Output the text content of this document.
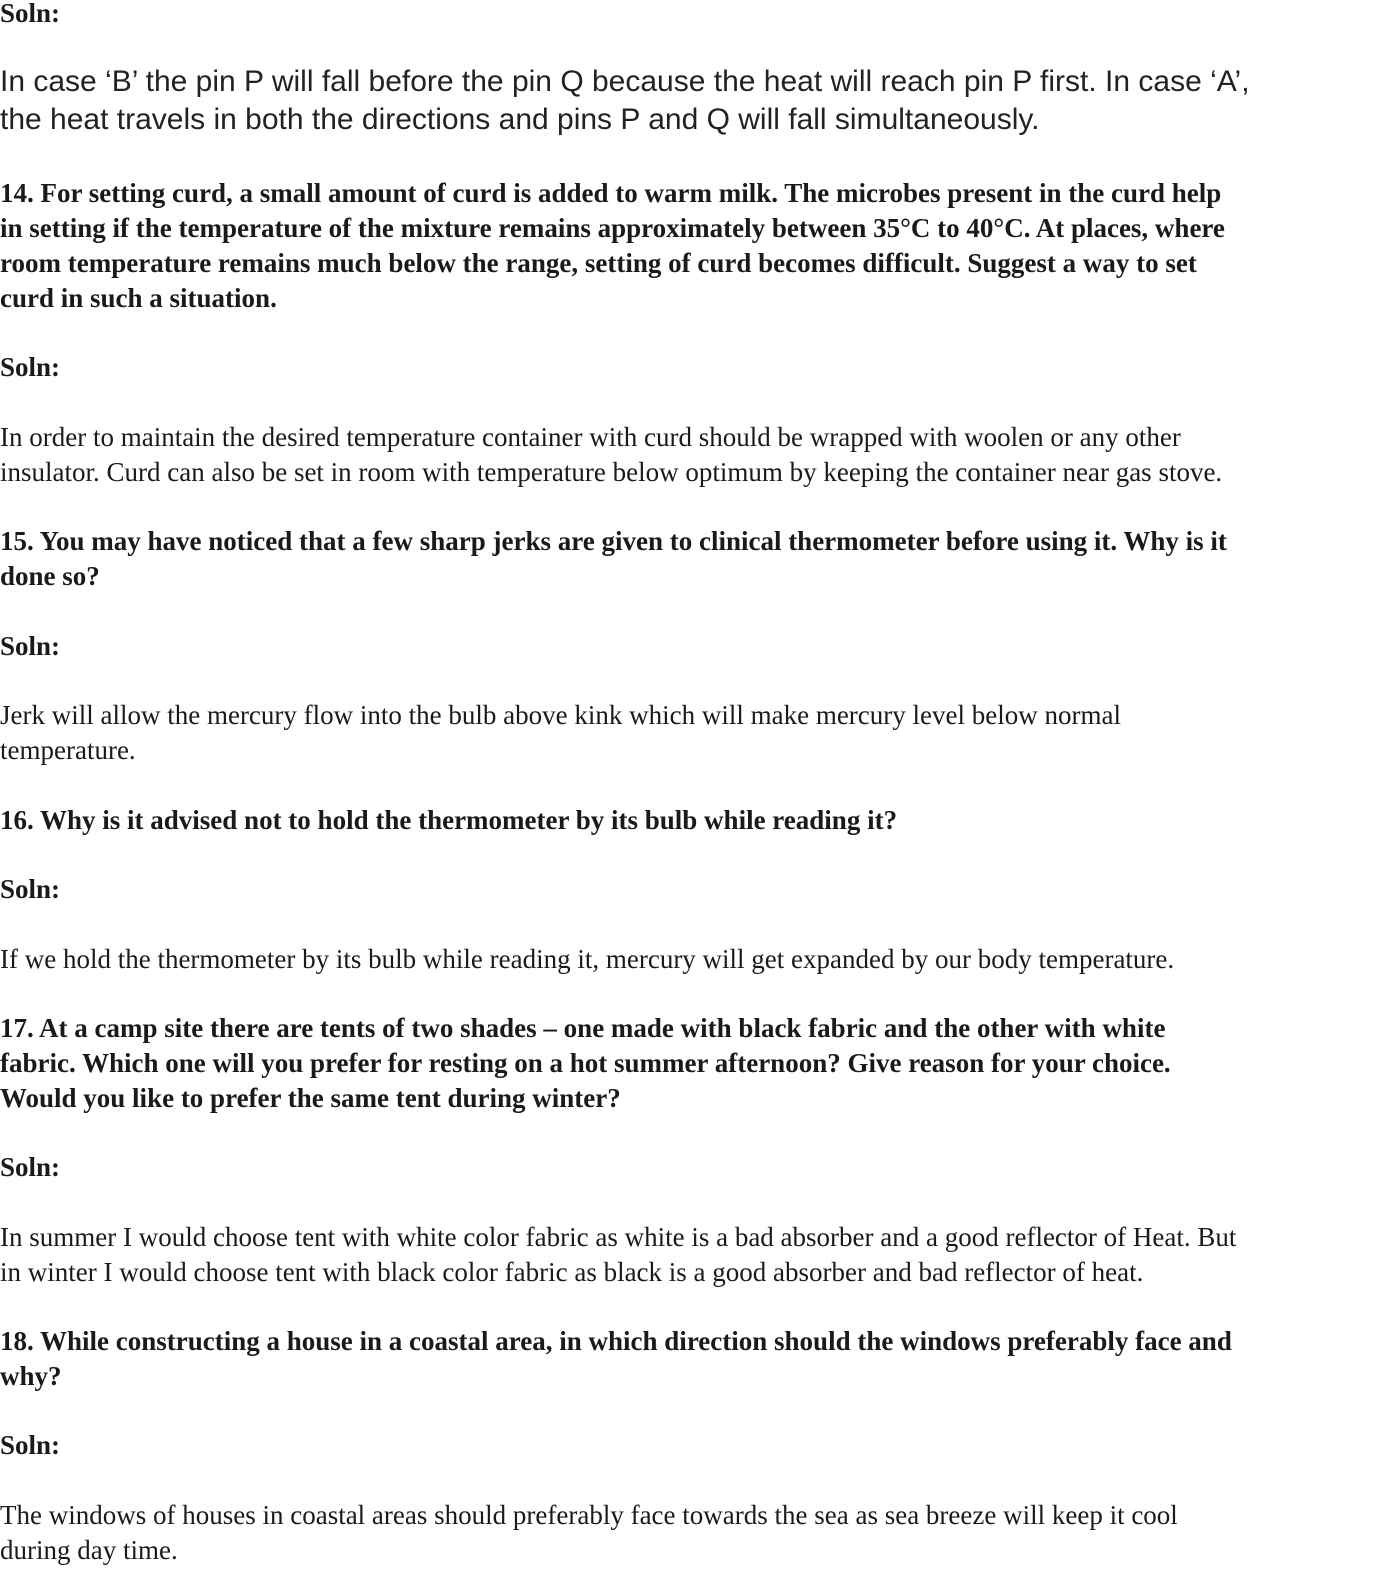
Soln:

In case ‘B’ the pin P will fall before the pin Q because the heat will reach pin P first. In case ‘A’,
the heat travels in both the directions and pins P and Q will fall simultaneously.

14. For setting curd, a small amount of curd is added to warm milk. The microbes present in the curd help
in setting if the temperature of the mixture remains approximately between 35°C to 40°C. At places, where
room temperature remains much below the range, setting of curd becomes difficult. Suggest a way to set
curd in such a situation.

Soln:

In order to maintain the desired temperature container with curd should be wrapped with woolen or any other
insulator. Curd can also be set in room with temperature below optimum by keeping the container near gas stove.

15. You may have noticed that a few sharp jerks are given to clinical thermometer before using it. Why is it
done so?

Soln:

Jerk will allow the mercury flow into the bulb above kink which will make mercury level below normal
temperature.

16. Why is it advised not to hold the thermometer by its bulb while reading it?

Soln:

If we hold the thermometer by its bulb while reading it, mercury will get expanded by our body temperature.

17. At a camp site there are tents of two shades – one made with black fabric and the other with white
fabric. Which one will you prefer for resting on a hot summer afternoon? Give reason for your choice.
Would you like to prefer the same tent during winter?

Soln:

In summer I would choose tent with white color fabric as white is a bad absorber and a good reflector of Heat. But
in winter I would choose tent with black color fabric as black is a good absorber and bad reflector of heat.

18. While constructing a house in a coastal area, in which direction should the windows preferably face and
why?

Soln:

The windows of houses in coastal areas should preferably face towards the sea as sea breeze will keep it cool
during day time.
